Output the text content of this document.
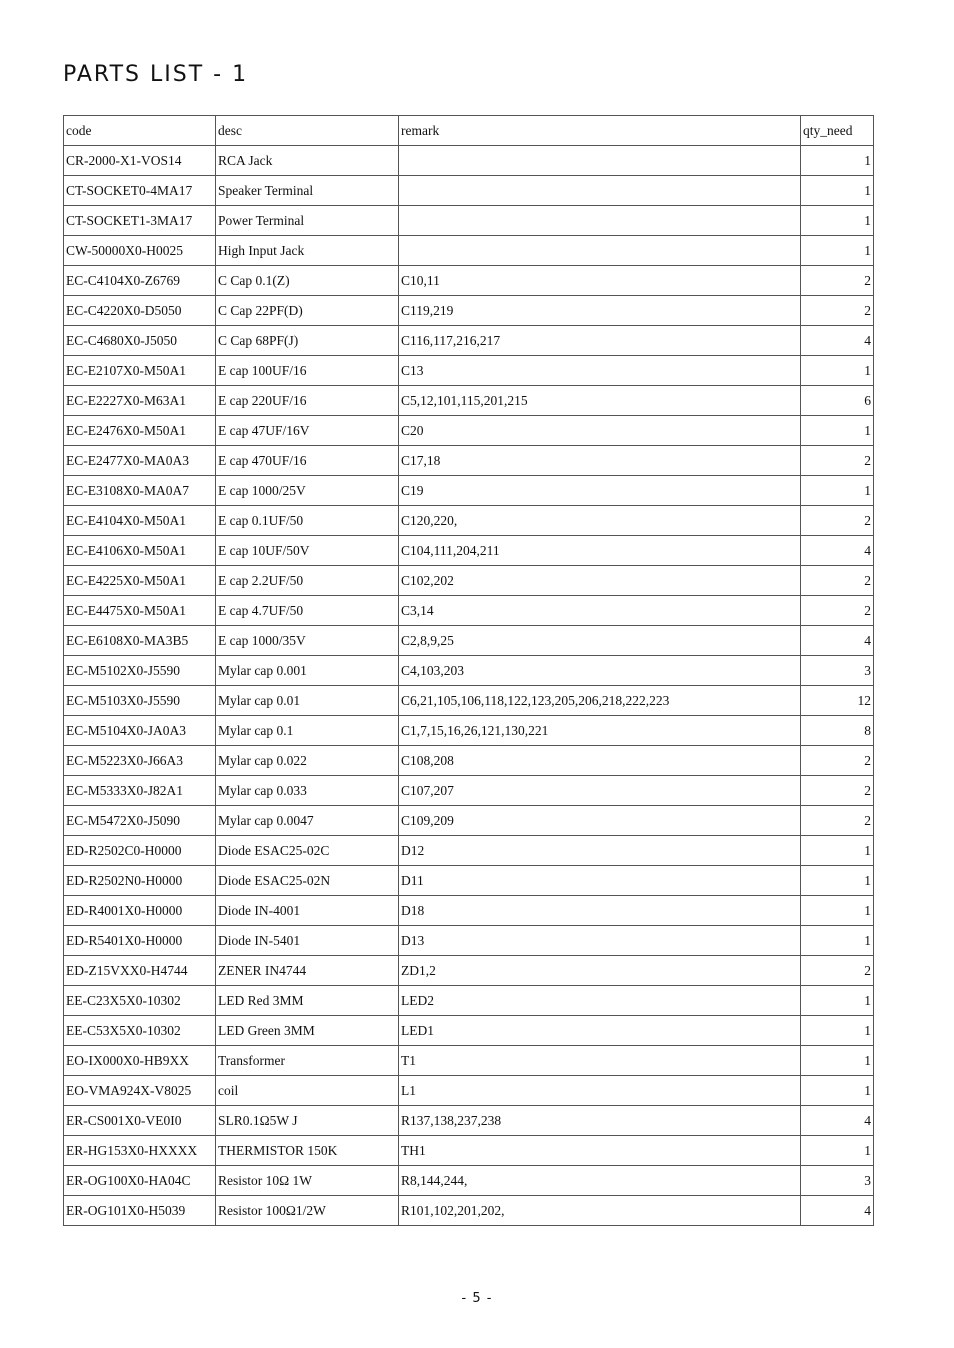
PARTS LIST - 1
code	desc	remark	qty_need
CR-2000-X1-VOS14	RCA Jack		1
CT-SOCKET0-4MA17	Speaker Terminal		1
CT-SOCKET1-3MA17	Power Terminal		1
CW-50000X0-H0025	High Input Jack		1
EC-C4104X0-Z6769	C Cap 0.1(Z)	C10,11	2
EC-C4220X0-D5050	C Cap 22PF(D)	C119,219	2
EC-C4680X0-J5050	C Cap 68PF(J)	C116,117,216,217	4
EC-E2107X0-M50A1	E cap 100UF/16	C13	1
EC-E2227X0-M63A1	E cap 220UF/16	C5,12,101,115,201,215	6
EC-E2476X0-M50A1	E cap 47UF/16V	C20	1
EC-E2477X0-MA0A3	E cap 470UF/16	C17,18	2
EC-E3108X0-MA0A7	E cap 1000/25V	C19	1
EC-E4104X0-M50A1	E cap 0.1UF/50	C120,220,	2
EC-E4106X0-M50A1	E cap 10UF/50V	C104,111,204,211	4
EC-E4225X0-M50A1	E cap 2.2UF/50	C102,202	2
EC-E4475X0-M50A1	E cap 4.7UF/50	C3,14	2
EC-E6108X0-MA3B5	E cap 1000/35V	C2,8,9,25	4
EC-M5102X0-J5590	Mylar cap 0.001	C4,103,203	3
EC-M5103X0-J5590	Mylar cap 0.01	C6,21,105,106,118,122,123,205,206,218,222,223	12
EC-M5104X0-JA0A3	Mylar cap 0.1	C1,7,15,16,26,121,130,221	8
EC-M5223X0-J66A3	Mylar cap 0.022	C108,208	2
EC-M5333X0-J82A1	Mylar cap 0.033	C107,207	2
EC-M5472X0-J5090	Mylar cap 0.0047	C109,209	2
ED-R2502C0-H0000	Diode ESAC25-02C	D12	1
ED-R2502N0-H0000	Diode ESAC25-02N	D11	1
ED-R4001X0-H0000	Diode IN-4001	D18	1
ED-R5401X0-H0000	Diode IN-5401	D13	1
ED-Z15VXX0-H4744	ZENER IN4744	ZD1,2	2
EE-C23X5X0-10302	LED Red 3MM	LED2	1
EE-C53X5X0-10302	LED Green 3MM	LED1	1
EO-IX000X0-HB9XX	Transformer	T1	1
EO-VMA924X-V8025	coil	L1	1
ER-CS001X0-VE0I0	SLR0.1Ω5W J	R137,138,237,238	4
ER-HG153X0-HXXXX	THERMISTOR 150K	TH1	1
ER-OG100X0-HA04C	Resistor 10Ω 1W	R8,144,244,	3
ER-OG101X0-H5039	Resistor 100Ω1/2W	R101,102,201,202,	4
- 5 -
